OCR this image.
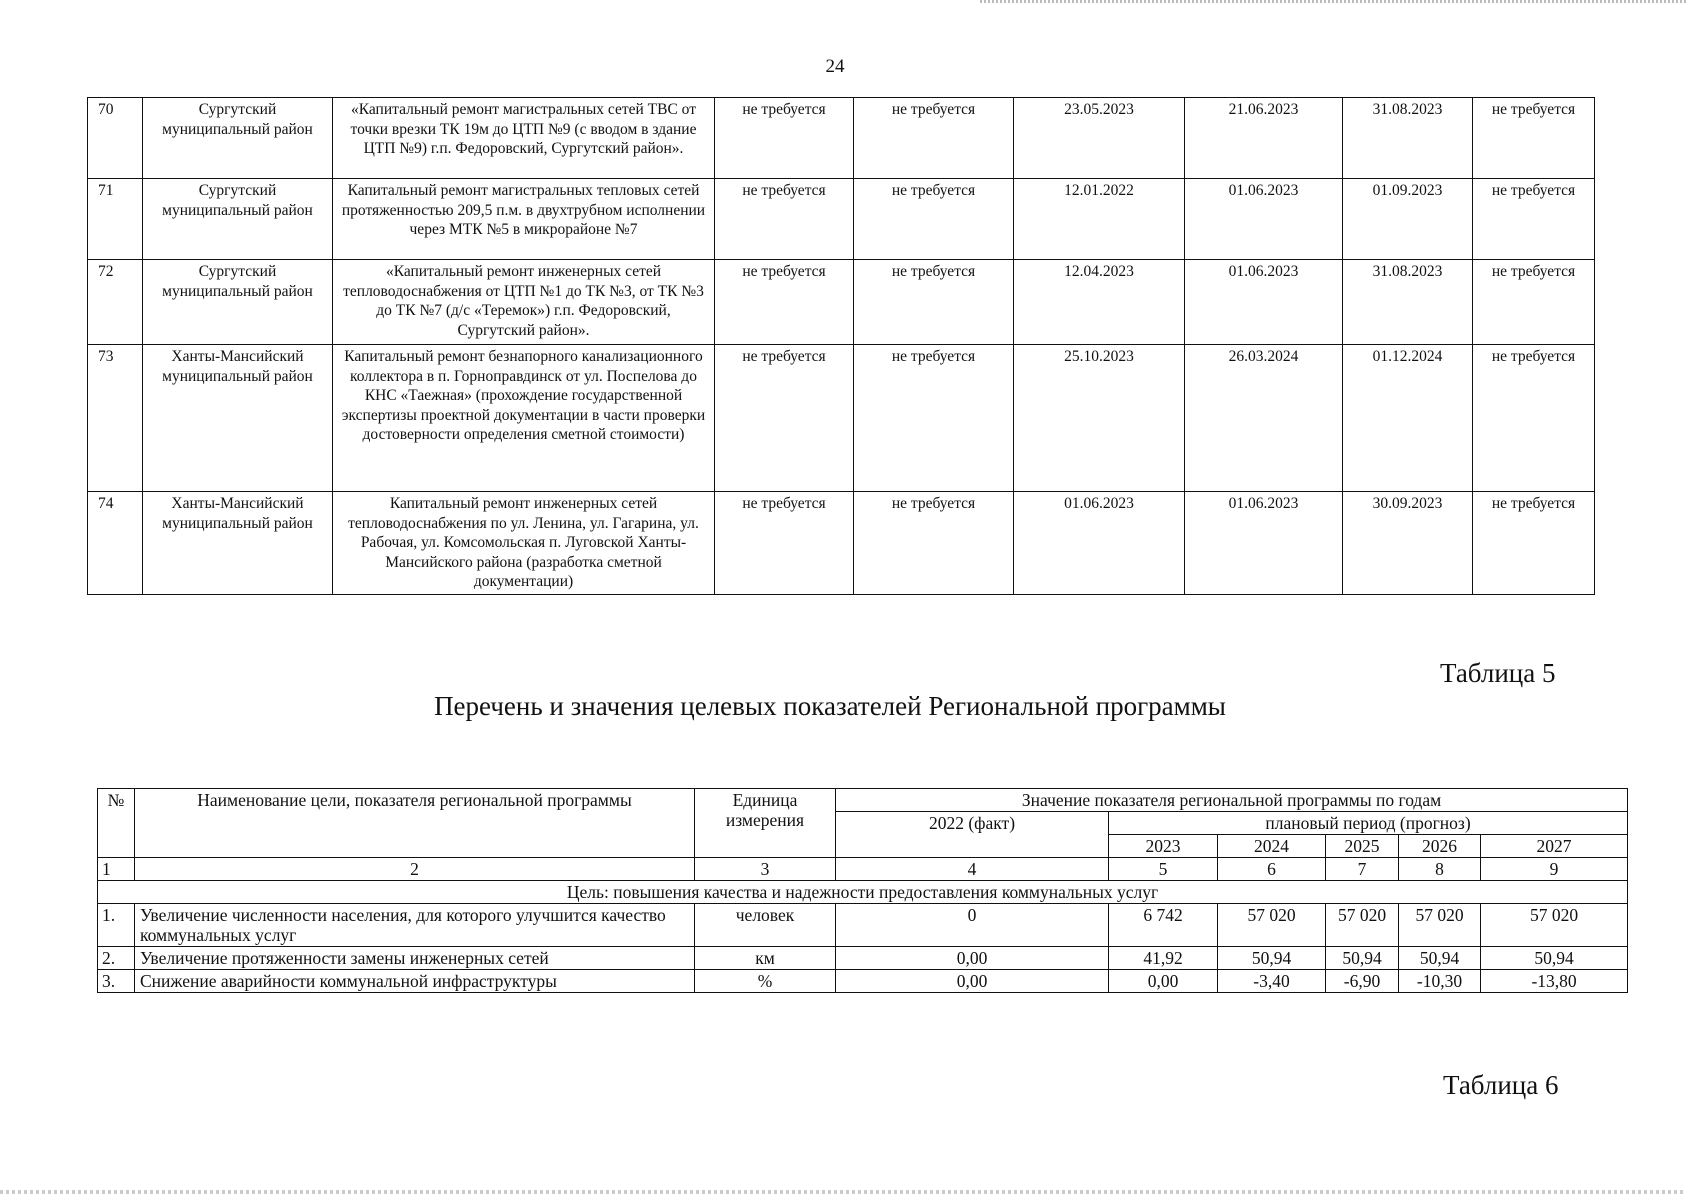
24
70	Сургутский муниципальный район	«Капитальный ремонт магистральных сетей ТВС от точки врезки ТК 19м до ЦТП №9 (с вводом в здание ЦТП №9) г.п. Федоровский, Сургутский район».	не требуется	не требуется	23.05.2023	21.06.2023	31.08.2023	не требуется
71	Сургутский муниципальный район	Капитальный ремонт магистральных тепловых сетей протяженностью 209,5 п.м. в двухтрубном исполнении через МТК №5 в микрорайоне №7	не требуется	не требуется	12.01.2022	01.06.2023	01.09.2023	не требуется
72	Сургутский муниципальный район	«Капитальный ремонт инженерных сетей тепловодоснабжения от ЦТП №1 до ТК №3, от ТК №3 до ТК №7 (д/с «Теремок») г.п. Федоровский, Сургутский район».	не требуется	не требуется	12.04.2023	01.06.2023	31.08.2023	не требуется
73	Ханты-Мансийский муниципальный район	Капитальный ремонт безнапорного канализационного коллектора в п. Горноправдинск от ул. Поспелова до КНС «Таежная» (прохождение государственной экспертизы проектной документации в части проверки достоверности определения сметной стоимости)	не требуется	не требуется	25.10.2023	26.03.2024	01.12.2024	не требуется
74	Ханты-Мансийский муниципальный район	Капитальный ремонт инженерных сетей тепловодоснабжения по ул. Ленина, ул. Гагарина, ул. Рабочая, ул. Комсомольская п. Луговской Ханты-Мансийского района (разработка сметной документации)	не требуется	не требуется	01.06.2023	01.06.2023	30.09.2023	не требуется
Таблица 5
Перечень и значения целевых показателей Региональной программы
№	Наименование цели, показателя региональной программы	Единица измерения	Значение показателя региональной программы по годам					
			2022 (факт)	плановый период (прогноз)				
				2023	2024	2025	2026	2027
1	2	3	4	5	6	7	8	9
Цель: повышения качества и надежности предоставления коммунальных услуг								
1.	Увеличение численности населения, для которого улучшится качество коммунальных услуг	человек	0	6 742	57 020	57 020	57 020	57 020
2.	Увеличение протяженности замены инженерных сетей	км	0,00	41,92	50,94	50,94	50,94	50,94
3.	Снижение аварийности коммунальной инфраструктуры	%	0,00	0,00	-3,40	-6,90	-10,30	-13,80
Таблица 6
